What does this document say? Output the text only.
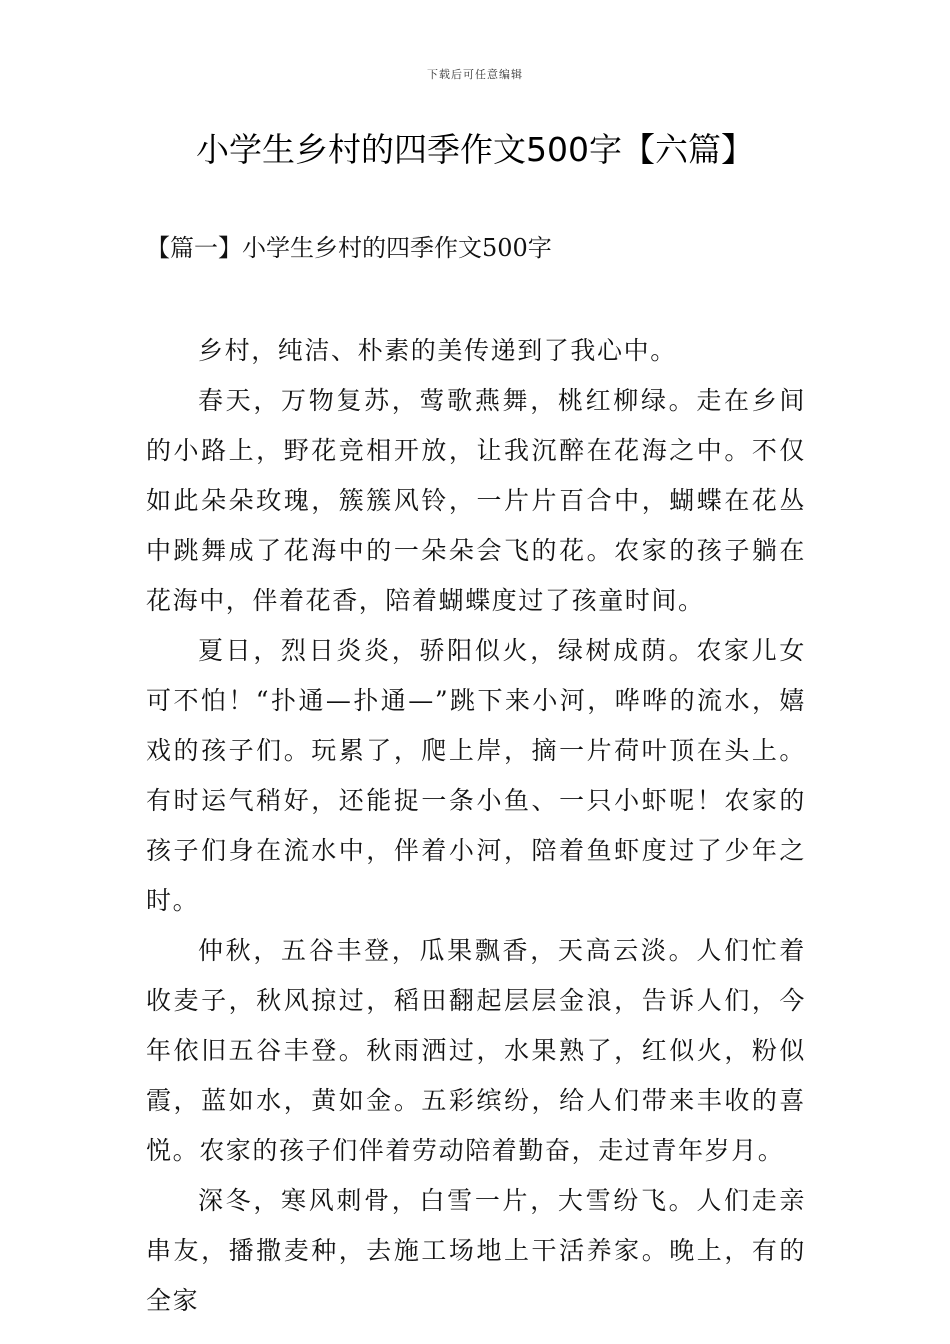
下载后可任意编辑
小学生乡村的四季作文500字【六篇】
【篇一】小学生乡村的四季作文500字

乡村，纯洁、朴素的美传递到了我心中。

春天，万物复苏，莺歌燕舞，桃红柳绿。走在乡间的小路上，野花竞相开放，让我沉醉在花海之中。不仅如此朵朵玫瑰，簇簇风铃，一片片百合中，蝴蝶在花丛中跳舞成了花海中的一朵朵会飞的花。农家的孩子躺在花海中，伴着花香，陪着蝴蝶度过了孩童时间。

夏日，烈日炎炎，骄阳似火，绿树成荫。农家儿女可不怕！“扑通—扑通—”跳下来小河，哗哗的流水，嬉戏的孩子们。玩累了，爬上岸，摘一片荷叶顶在头上。有时运气稍好，还能捉一条小鱼、一只小虾呢！农家的孩子们身在流水中，伴着小河，陪着鱼虾度过了少年之时。

仲秋，五谷丰登，瓜果飘香，天高云淡。人们忙着收麦子，秋风掠过，稻田翻起层层金浪，告诉人们，今年依旧五谷丰登。秋雨洒过，水果熟了，红似火，粉似霞，蓝如水，黄如金。五彩缤纷，给人们带来丰收的喜悦。农家的孩子们伴着劳动陪着勤奋，走过青年岁月。

深冬，寒风刺骨，白雪一片，大雪纷飞。人们走亲串友，播撒麦种，去施工场地上干活养家。晚上，有的全家
